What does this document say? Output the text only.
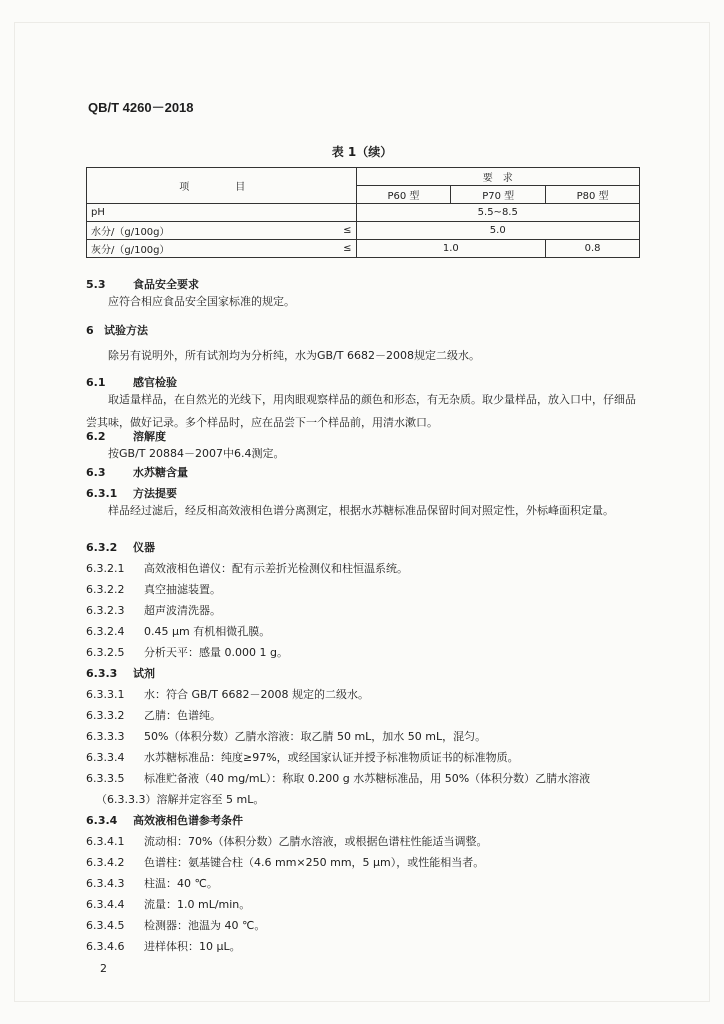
QB/T 4260－2018
表 1（续）
项　目		要　求		
		P60 型	P70 型	P80 型
pH		5.5~8.5		
水分/（g/100g）	≤	5.0		
灰分/（g/100g）	≤	1.0		0.8
5.3	食品安全要求
应符合相应食品安全国家标准的规定。
6 试验方法
除另有说明外，所有试剂均为分析纯，水为GB/T 6682－2008规定二级水。
6.1	感官检验
取适量样品，在自然光的光线下，用肉眼观察样品的颜色和形态，有无杂质。取少量样品，放入口中，仔细品尝其味，做好记录。多个样品时，应在品尝下一个样品前，用清水漱口。
6.2	溶解度
按GB/T 20884－2007中6.4测定。
6.3	水苏糖含量
6.3.1 方法提要
样品经过滤后，经反相高效液相色谱分离测定，根据水苏糖标准品保留时间对照定性，外标峰面积定量。
6.3.2 仪器
6.3.2.1 高效液相色谱仪：配有示差折光检测仪和柱恒温系统。
6.3.2.2 真空抽滤装置。
6.3.2.3 超声波清洗器。
6.3.2.4 0.45 μm 有机相微孔膜。
6.3.2.5 分析天平：感量 0.000 1 g。
6.3.3 试剂
6.3.3.1 水：符合 GB/T 6682－2008 规定的二级水。
6.3.3.2 乙腈：色谱纯。
6.3.3.3 50%（体积分数）乙腈水溶液：取乙腈 50 mL，加水 50 mL，混匀。
6.3.3.4 水苏糖标准品：纯度≥97%，或经国家认证并授予标准物质证书的标准物质。
6.3.3.5 标准贮备液（40 mg/mL）：称取 0.200 g 水苏糖标准品，用 50%（体积分数）乙腈水溶液
（6.3.3.3）溶解并定容至 5 mL。
6.3.4 高效液相色谱参考条件
6.3.4.1 流动相：70%（体积分数）乙腈水溶液，或根据色谱柱性能适当调整。
6.3.4.2 色谱柱：氨基键合柱（4.6 mm×250 mm，5 μm），或性能相当者。
6.3.4.3 柱温：40 ℃。
6.3.4.4 流量：1.0 mL/min。
6.3.4.5 检测器：池温为 40 ℃。
6.3.4.6 进样体积：10 μL。
2
